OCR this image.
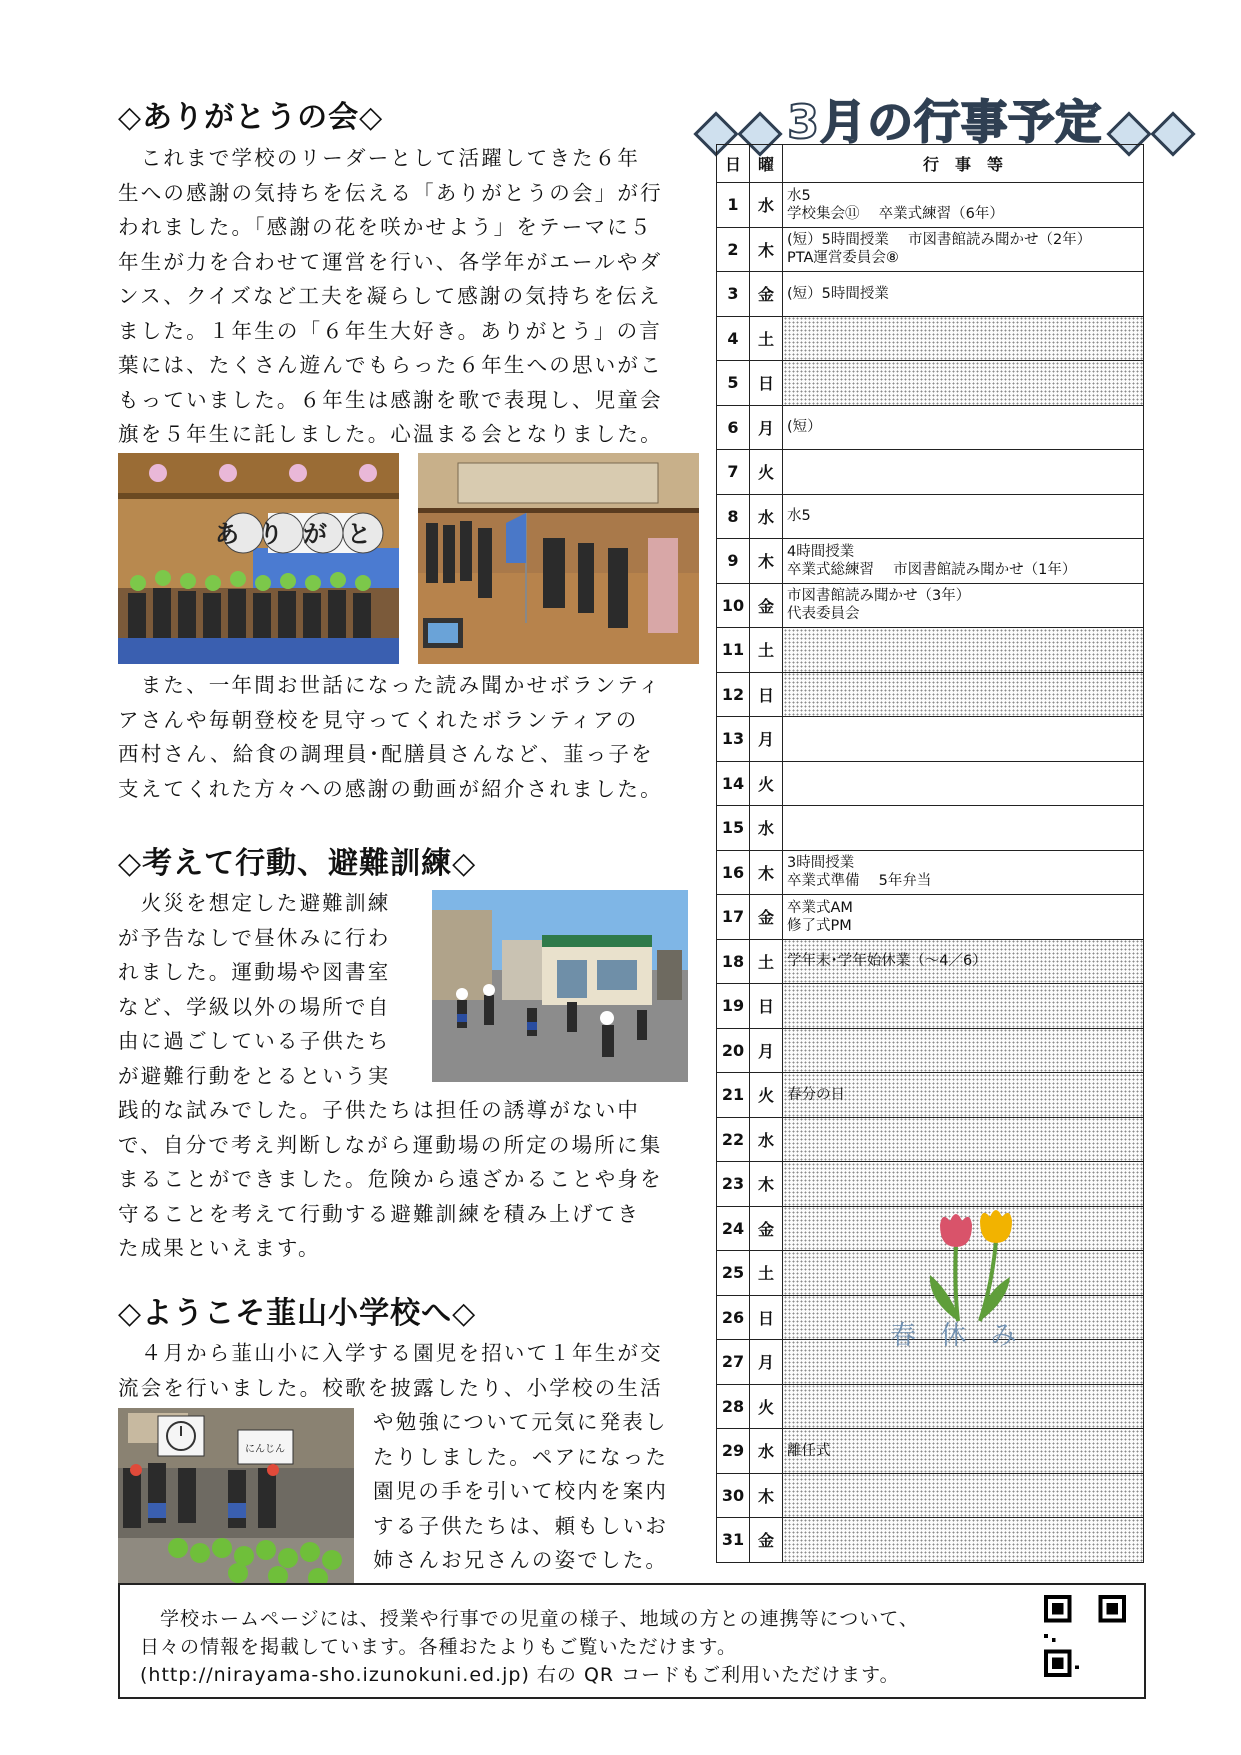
◇ありがとうの会◇
　これまで学校のリーダーとして活躍してきた６年
生への感謝の気持ちを伝える「ありがとうの会」が行
われました。「感謝の花を咲かせよう」をテーマに５
年生が力を合わせて運営を行い、各学年がエールやダ
ンス、クイズなど工夫を凝らして感謝の気持ちを伝え
ました。１年生の「６年生大好き。ありがとう」の言
葉には、たくさん遊んでもらった６年生への思いがこ
もっていました。６年生は感謝を歌で表現し、児童会
旗を５年生に託しました。心温まる会となりました。
ありがと
　また、一年間お世話になった読み聞かせボランティ
アさんや毎朝登校を見守ってくれたボランティアの
西村さん、給食の調理員･配膳員さんなど、韮っ子を
支えてくれた方々への感謝の動画が紹介されました。
◇考えて行動、避難訓練◇
　火災を想定した避難訓練
が予告なしで昼休みに行わ
れました。運動場や図書室
など、学級以外の場所で自
由に過ごしている子供たち
が避難行動をとるという実
践的な試みでした。子供たちは担任の誘導がない中
で、自分で考え判断しながら運動場の所定の場所に集
まることができました。危険から遠ざかることや身を
守ることを考えて行動する避難訓練を積み上げてき
た成果といえます。
◇ようこそ韮山小学校へ◇
　４月から韮山小に入学する園児を招いて１年生が交
流会を行いました。校歌を披露したり、小学校の生活
にんじん
や勉強について元気に発表し
たりしました。ペアになった
園児の手を引いて校内を案内
する子供たちは、頼もしいお
姉さんお兄さんの姿でした。
3月の行事予定
日	曜	行　事　等
1	水	水5
学校集会⑪　 卒業式練習（6年）

2	木	(短）5時間授業　 市図書館読み聞かせ（2年）
PTA運営委員会⑧

3	金	(短）5時間授業

4	土	
5	日	
6	月	(短）

7	火	
8	水	水5

9	木	4時間授業
卒業式総練習　 市図書館読み聞かせ（1年）

10	金	市図書館読み聞かせ（3年）
代表委員会

11	土	
12	日	
13	月	
14	火	
15	水	
16	木	3時間授業
卒業式準備　 5年弁当

17	金	卒業式AM
修了式PM

18	土	学年末･学年始休業（～4／6）

19	日	
20	月	
21	火	春分の日

22	水	
23	木	
24	金	
25	土	
26	日	
27	月	
28	火	
29	水	離任式

30	木	
31	金	
春 休 み
　学校ホームページには、授業や行事での児童の様子、地域の方との連携等について、
日々の情報を掲載しています。各種おたよりもご覧いただけます。
(http://nirayama-sho.izunokuni.ed.jp) 右の QR コードもご利用いただけます。
